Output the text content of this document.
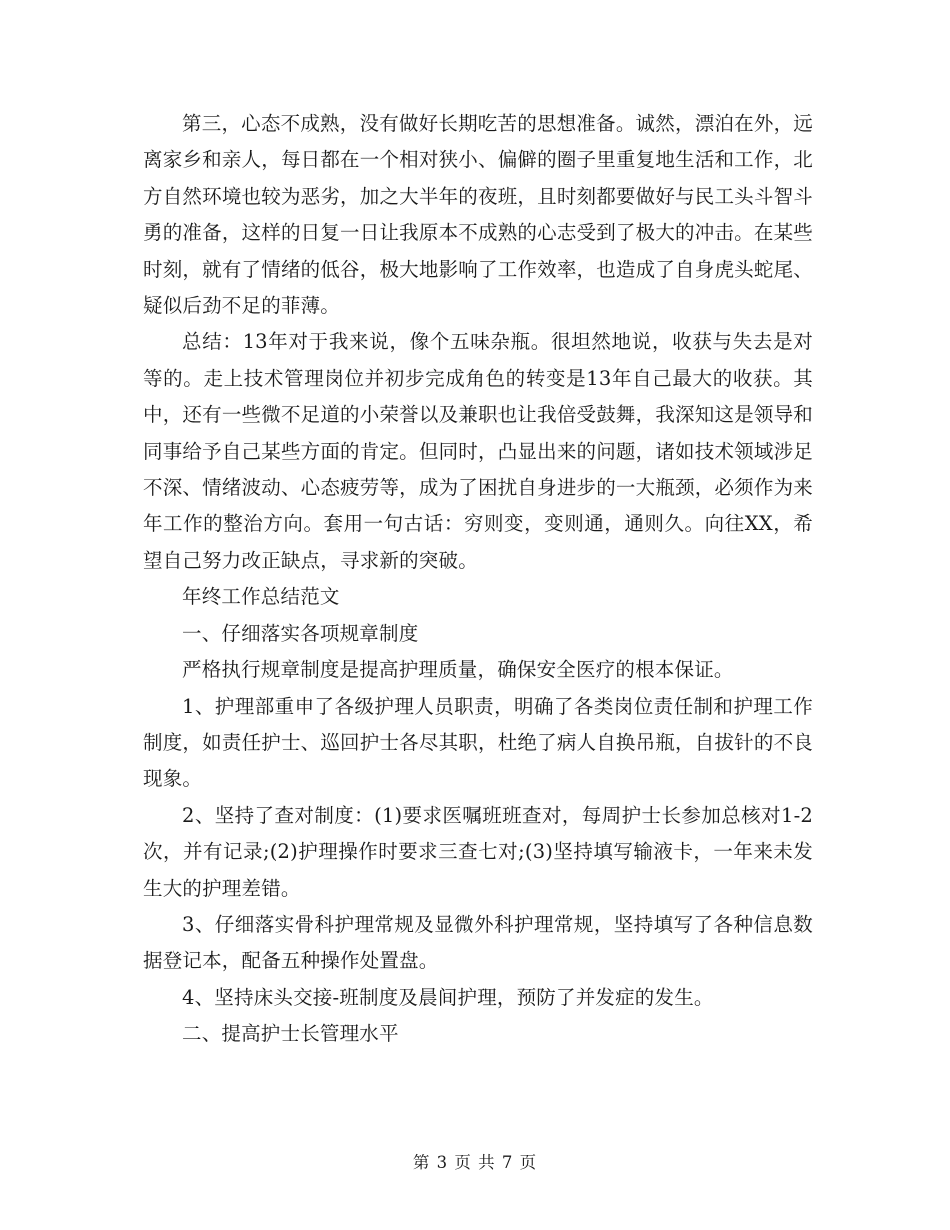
第三，心态不成熟，没有做好长期吃苦的思想准备。诚然，漂泊在外，远离家乡和亲人，每日都在一个相对狭小、偏僻的圈子里重复地生活和工作，北方自然环境也较为恶劣，加之大半年的夜班，且时刻都要做好与民工头斗智斗勇的准备，这样的日复一日让我原本不成熟的心志受到了极大的冲击。在某些时刻，就有了情绪的低谷，极大地影响了工作效率，也造成了自身虎头蛇尾、疑似后劲不足的菲薄。

总结：13年对于我来说，像个五味杂瓶。很坦然地说，收获与失去是对等的。走上技术管理岗位并初步完成角色的转变是13年自己最大的收获。其中，还有一些微不足道的小荣誉以及兼职也让我倍受鼓舞，我深知这是领导和同事给予自己某些方面的肯定。但同时，凸显出来的问题，诸如技术领域涉足不深、情绪波动、心态疲劳等，成为了困扰自身进步的一大瓶颈，必须作为来年工作的整治方向。套用一句古话：穷则变，变则通，通则久。向往XX，希望自己努力改正缺点，寻求新的突破。

年终工作总结范文

一、仔细落实各项规章制度

严格执行规章制度是提高护理质量，确保安全医疗的根本保证。

1、护理部重申了各级护理人员职责，明确了各类岗位责任制和护理工作制度，如责任护士、巡回护士各尽其职，杜绝了病人自换吊瓶，自拔针的不良现象。

2、坚持了查对制度：(1)要求医嘱班班查对，每周护士长参加总核对1-2次，并有记录;(2)护理操作时要求三查七对;(3)坚持填写输液卡，一年来未发生大的护理差错。

3、仔细落实骨科护理常规及显微外科护理常规，坚持填写了各种信息数据登记本，配备五种操作处置盘。

4、坚持床头交接-班制度及晨间护理，预防了并发症的发生。

二、提高护士长管理水平

第 3 页 共 7 页
